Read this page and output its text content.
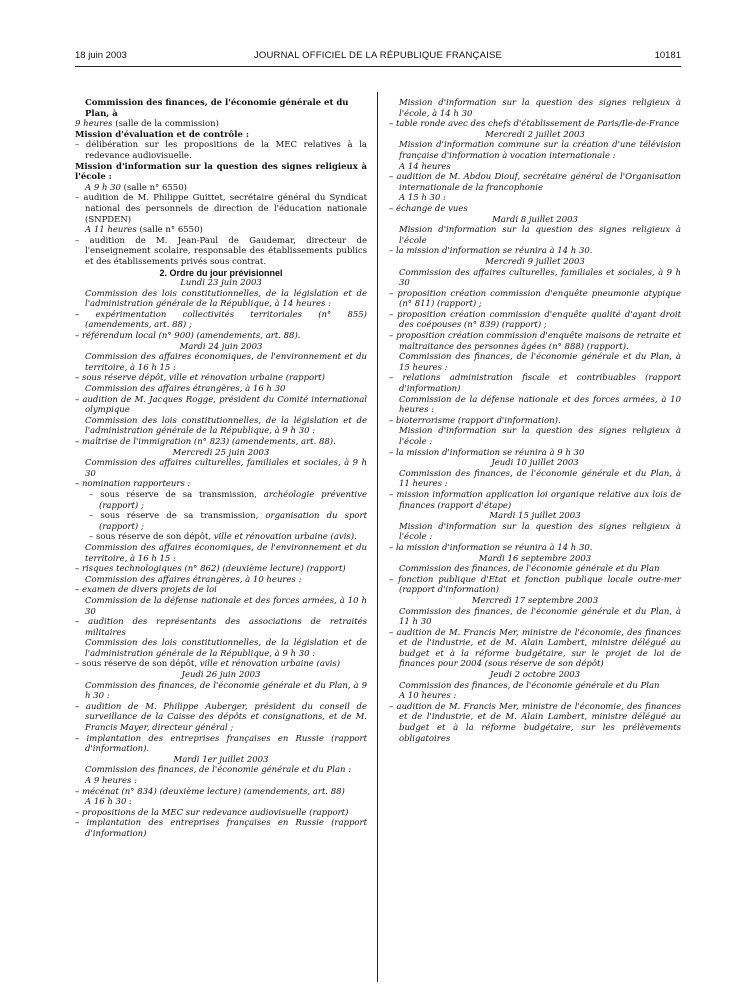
18 juin 2003	JOURNAL OFFICIEL DE LA RÉPUBLIQUE FRANÇAISE	10181
Commission des finances, de l'économie générale et du Plan, à
9 heures (salle de la commission)
Mission d'évaluation et de contrôle :
– délibération sur les propositions de la MEC relatives à la redevance audiovisuelle.
Mission d'information sur la question des signes religieux à l'école :
A 9 h 30 (salle n° 6550)
– audition de M. Philippe Guittet, secrétaire général du Syndicat national des personnels de direction de l'éducation nationale (SNPDEN)
A 11 heures (salle n° 6550)
– audition de M. Jean-Paul de Gaudemar, directeur de l'enseignement scolaire, responsable des établissements publics et des établissements privés sous contrat.
2. Ordre du jour prévisionnel
Lundi 23 juin 2003
Commission des lois constitutionnelles, de la législation et de l'administration générale de la République, à 14 heures :
– expérimentation collectivités territoriales (n° 855) (amendements, art. 88) ;
– référendum local (n° 900) (amendements, art. 88).
Mardi 24 juin 2003
Commission des affaires économiques, de l'environnement et du territoire, à 16 h 15 :
– sous réserve dépôt, ville et rénovation urbaine (rapport)
Commission des affaires étrangères, à 16 h 30
– audition de M. Jacques Rogge, président du Comité international olympique
Commission des lois constitutionnelles, de la législation et de l'administration générale de la République, à 9 h 30 :
– maîtrise de l'immigration (n° 823) (amendements, art. 88).
Mercredi 25 juin 2003
Commission des affaires culturelles, familiales et sociales, à 9 h 30
– nomination rapporteurs :
– sous réserve de sa transmission, archéologie préventive (rapport) ;
– sous réserve de sa transmission, organisation du sport (rapport) ;
– sous réserve de son dépôt, ville et rénovation urbaine (avis).
Commission des affaires économiques, de l'environnement et du territoire, à 16 h 15 :
– risques technologiques (n° 862) (deuxième lecture) (rapport)
Commission des affaires étrangères, à 10 heures :
– examen de divers projets de loi
Commission de la défense nationale et des forces armées, à 10 h 30
– audition des représentants des associations de retraités militaires
Commission des lois constitutionnelles, de la législation et de l'administration générale de la République, à 9 h 30 :
– sous réserve de son dépôt, ville et rénovation urbaine (avis)
Jeudi 26 juin 2003
Commission des finances, de l'économie générale et du Plan, à 9 h 30 :
– audition de M. Philippe Auberger, président du conseil de surveillance de la Caisse des dépôts et consignations, et de M. Francis Mayer, directeur général ;
– implantation des entreprises françaises en Russie (rapport d'information).
Mardi 1er juillet 2003
Commission des finances, de l'économie générale et du Plan :
A 9 heures :
– mécénat (n° 834) (deuxième lecture) (amendements, art. 88)
A 16 h 30 :
– propositions de la MEC sur redevance audiovisuelle (rapport)
– implantation des entreprises françaises en Russie (rapport d'information)
Mission d'information sur la question des signes religieux à l'école, à 14 h 30
– table ronde avec des chefs d'établissement de Paris/Ile-de-France
Mercredi 2 juillet 2003
Mission d'information commune sur la création d'une télévision française d'information à vocation internationale :
A 14 heures
– audition de M. Abdou Diouf, secrétaire général de l'Organisation internationale de la francophonie
A 15 h 30 :
– échange de vues
Mardi 8 juillet 2003
Mission d'information sur la question des signes religieux à l'école
– la mission d'information se réunira à 14 h 30.
Mercredi 9 juillet 2003
Commission des affaires culturelles, familiales et sociales, à 9 h 30
– proposition création commission d'enquête pneumonie atypique (n° 811) (rapport) ;
– proposition création commission d'enquête qualité d'ayant droit des coépouses (n° 839) (rapport) ;
– proposition création commission d'enquête maisons de retraite et maltraitance des personnes âgées (n° 888) (rapport).
Commission des finances, de l'économie générale et du Plan, à 15 heures :
– relations administration fiscale et contribuables (rapport d'information)
Commission de la défense nationale et des forces armées, à 10 heures :
– bioterrorisme (rapport d'information).
Mission d'information sur la question des signes religieux à l'école :
– la mission d'information se réunira à 9 h 30
Jeudi 10 juillet 2003
Commission des finances, de l'économie générale et du Plan, à 11 heures :
– mission information application loi organique relative aux lois de finances (rapport d'étape)
Mardi 15 juillet 2003
Mission d'information sur la question des signes religieux à l'école :
– la mission d'information se réunira à 14 h 30.
Mardi 16 septembre 2003
Commission des finances, de l'économie générale et du Plan
– fonction publique d'Etat et fonction publique locale outre-mer (rapport d'information)
Mercredi 17 septembre 2003
Commission des finances, de l'économie générale et du Plan, à 11 h 30
– audition de M. Francis Mer, ministre de l'économie, des finances et de l'industrie, et de M. Alain Lambert, ministre délégué au budget et à la réforme budgétaire, sur le projet de loi de finances pour 2004 (sous réserve de son dépôt)
Jeudi 2 octobre 2003
Commission des finances, de l'économie générale et du Plan
A 10 heures :
– audition de M. Francis Mer, ministre de l'économie, des finances et de l'industrie, et de M. Alain Lambert, ministre délégué au budget et à la réforme budgétaire, sur les prélèvements obligatoires
